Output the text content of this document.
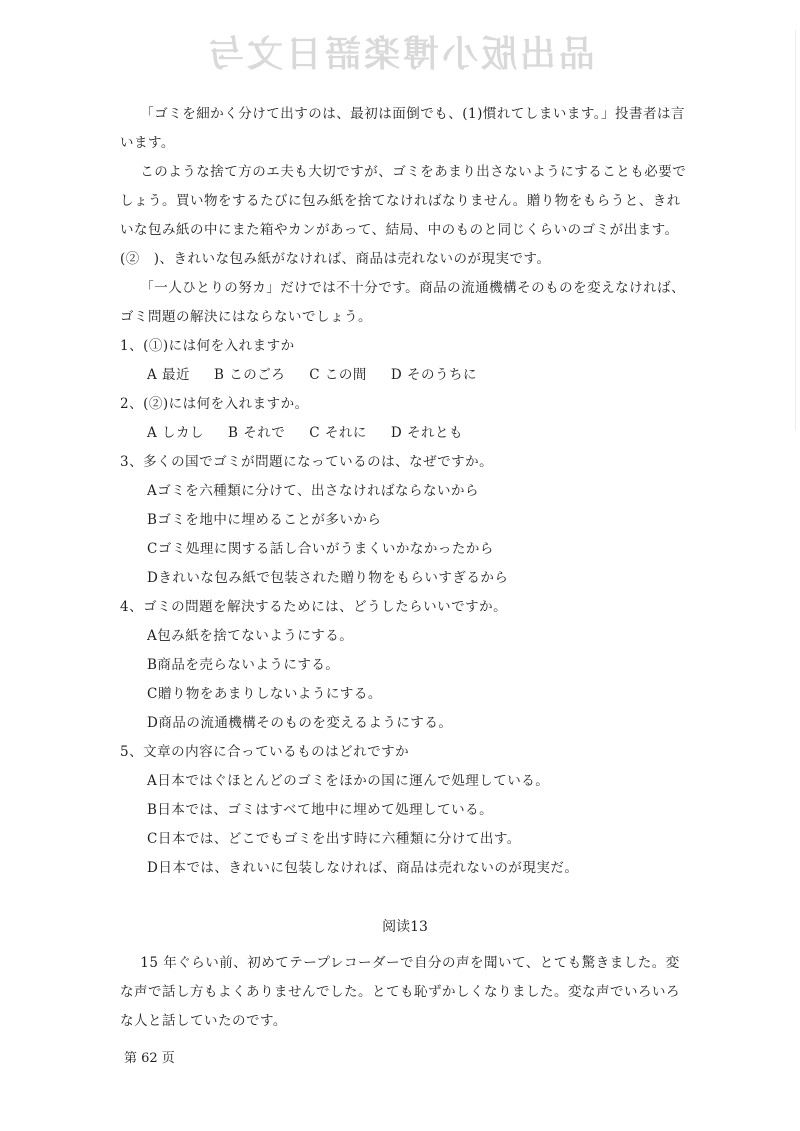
品出版小博楽語日文与

「ゴミを細かく分けて出すのは、最初は面倒でも、(1)慣れてしまいます。」投書者は言います。

このような捨て方のエ夫も大切ですが、ゴミをあまり出さないようにすることも必要でしょう。買い物をするたびに包み紙を捨てなければなりません。贈り物をもらうと、きれいな包み紙の中にまた箱やカンがあって、結局、中のものと同じくらいのゴミが出ます。(②　)、きれいな包み紙がなければ、商品は売れないのが現実です。

「一人ひとりの努カ」だけでは不十分です。商品の流通機構そのものを変えなければ、ゴミ問題の解決にはならないでしょう。

1、(①)には何を入れますか
A 最近 B このごろ C この間 D そのうちに
2、(②)には何を入れますか。
A しカし B それで C それに D それとも
3、多くの国でゴミが問題になっているのは、なぜですか。
Aゴミを六種類に分けて、出さなければならないから
Bゴミを地中に埋めることが多いから
Cゴミ処理に関する話し合いがうまくいかなかったから
Dきれいな包み紙で包装された贈り物をもらいすぎるから
4、ゴミの問題を解決するためには、どうしたらいいですか。
A包み紙を捨てないようにする。
B商品を売らないようにする。
C贈り物をあまりしないようにする。
D商品の流通機構そのものを変えるようにする。
5、文章の内容に合っているものはどれですか
A日本ではぐほとんどのゴミをほかの国に運んで処理している。
B日本では、ゴミはすべて地中に埋めて処理している。
C日本では、どこでもゴミを出す時に六種類に分けて出す。
D日本では、きれいに包装しなければ、商品は売れないのが現実だ。
阅读13

15 年ぐらい前、初めてテープレコーダーで自分の声を聞いて、とても驚きました。変な声で話し方もよくありませんでした。とても恥ずかしくなりました。変な声でいろいろな人と話していたのです。

第 62 页
